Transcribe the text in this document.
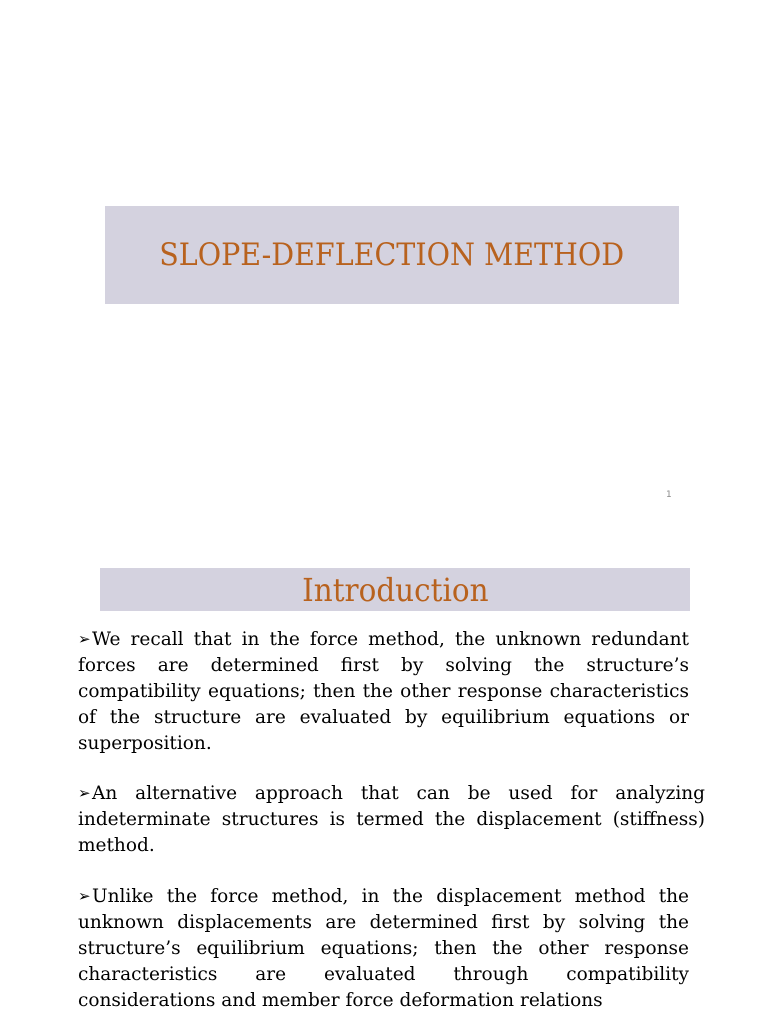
SLOPE-DEFLECTION METHOD
1
Introduction

➢We recall that in the force method, the unknown redundant forces are determined first by solving the structure’s compatibility equations; then the other response characteristics of the structure are evaluated by equilibrium equations or superposition.

➢An alternative approach that can be used for analyzing indeterminate structures is termed the displacement (stiffness) method.

➢Unlike the force method, in the displacement method the unknown displacements are determined first by solving the structure’s equilibrium equations; then the other response characteristics are evaluated through compatibility considerations and member force deformation relations
